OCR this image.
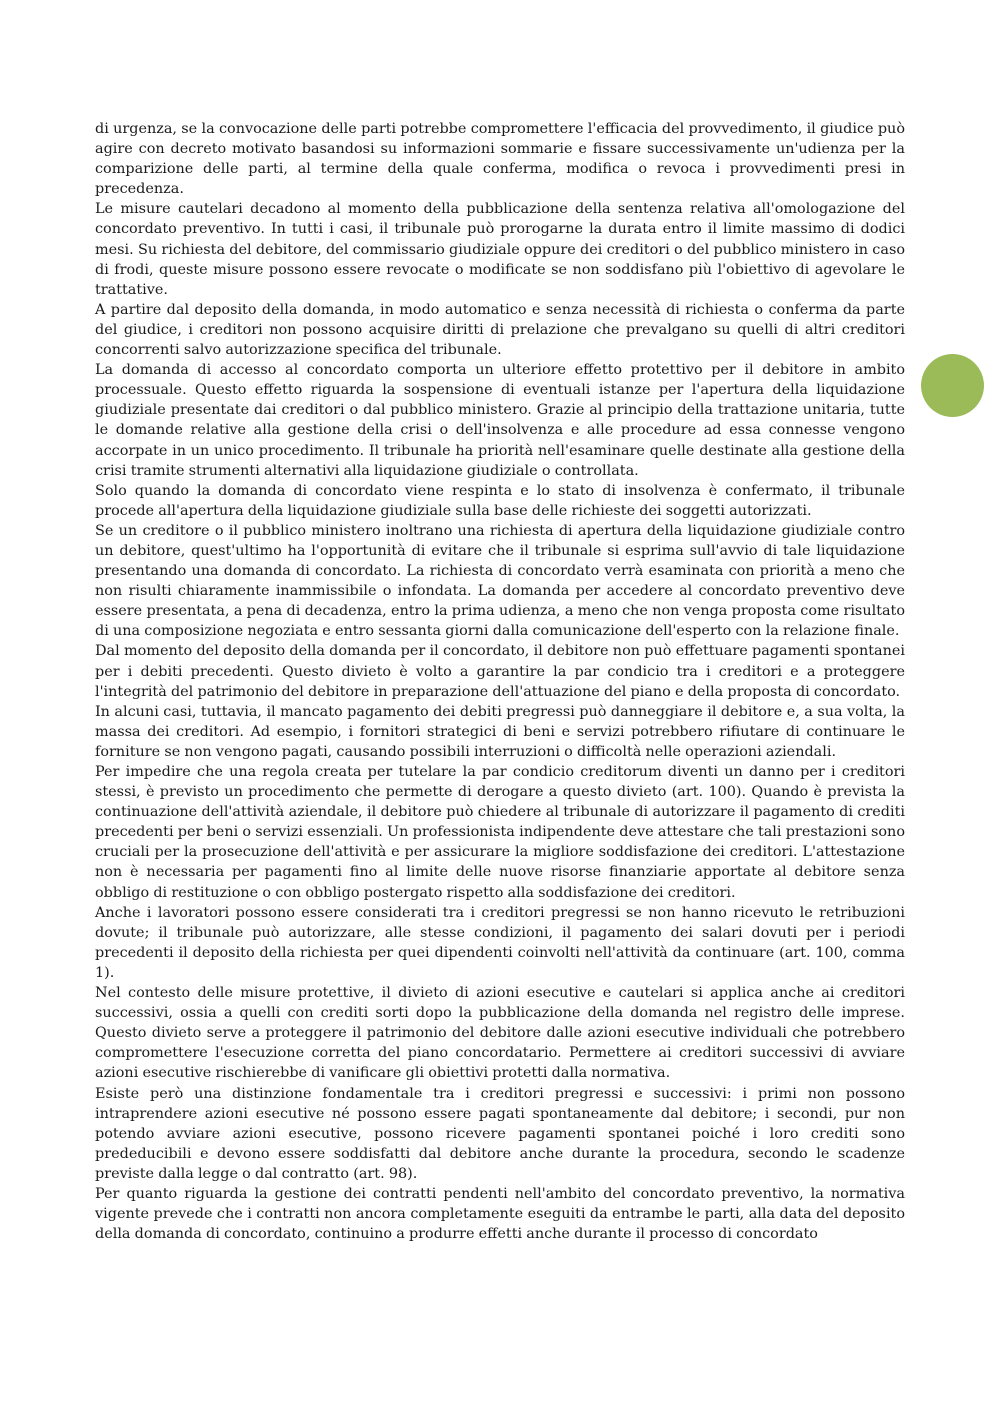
di urgenza, se la convocazione delle parti potrebbe compromettere l'efficacia del provvedimento, il giudice può agire con decreto motivato basandosi su informazioni sommarie e fissare successivamente un'udienza per la comparizione delle parti, al termine della quale conferma, modifica o revoca i provvedimenti presi in precedenza.

Le misure cautelari decadono al momento della pubblicazione della sentenza relativa all'omologazione del concordato preventivo. In tutti i casi, il tribunale può prorogarne la durata entro il limite massimo di dodici mesi. Su richiesta del debitore, del commissario giudiziale oppure dei creditori o del pubblico ministero in caso di frodi, queste misure possono essere revocate o modificate se non soddisfano più l'obiettivo di agevolare le trattative.

A partire dal deposito della domanda, in modo automatico e senza necessità di richiesta o conferma da parte del giudice, i creditori non possono acquisire diritti di prelazione che prevalgano su quelli di altri creditori concorrenti salvo autorizzazione specifica del tribunale.

La domanda di accesso al concordato comporta un ulteriore effetto protettivo per il debitore in ambito processuale. Questo effetto riguarda la sospensione di eventuali istanze per l'apertura della liquidazione giudiziale presentate dai creditori o dal pubblico ministero. Grazie al principio della trattazione unitaria, tutte le domande relative alla gestione della crisi o dell'insolvenza e alle procedure ad essa connesse vengono accorpate in un unico procedimento. Il tribunale ha priorità nell'esaminare quelle destinate alla gestione della crisi tramite strumenti alternativi alla liquidazione giudiziale o controllata.

Solo quando la domanda di concordato viene respinta e lo stato di insolvenza è confermato, il tribunale procede all'apertura della liquidazione giudiziale sulla base delle richieste dei soggetti autorizzati.

Se un creditore o il pubblico ministero inoltrano una richiesta di apertura della liquidazione giudiziale contro un debitore, quest'ultimo ha l'opportunità di evitare che il tribunale si esprima sull'avvio di tale liquidazione presentando una domanda di concordato. La richiesta di concordato verrà esaminata con priorità a meno che non risulti chiaramente inammissibile o infondata. La domanda per accedere al concordato preventivo deve essere presentata, a pena di decadenza, entro la prima udienza, a meno che non venga proposta come risultato di una composizione negoziata e entro sessanta giorni dalla comunicazione dell'esperto con la relazione finale.

Dal momento del deposito della domanda per il concordato, il debitore non può effettuare pagamenti spontanei per i debiti precedenti. Questo divieto è volto a garantire la par condicio tra i creditori e a proteggere l'integrità del patrimonio del debitore in preparazione dell'attuazione del piano e della proposta di concordato.

In alcuni casi, tuttavia, il mancato pagamento dei debiti pregressi può danneggiare il debitore e, a sua volta, la massa dei creditori. Ad esempio, i fornitori strategici di beni e servizi potrebbero rifiutare di continuare le forniture se non vengono pagati, causando possibili interruzioni o difficoltà nelle operazioni aziendali.

Per impedire che una regola creata per tutelare la par condicio creditorum diventi un danno per i creditori stessi, è previsto un procedimento che permette di derogare a questo divieto (art. 100). Quando è prevista la continuazione dell'attività aziendale, il debitore può chiedere al tribunale di autorizzare il pagamento di crediti precedenti per beni o servizi essenziali. Un professionista indipendente deve attestare che tali prestazioni sono cruciali per la prosecuzione dell'attività e per assicurare la migliore soddisfazione dei creditori. L'attestazione non è necessaria per pagamenti fino al limite delle nuove risorse finanziarie apportate al debitore senza obbligo di restituzione o con obbligo postergato rispetto alla soddisfazione dei creditori.

Anche i lavoratori possono essere considerati tra i creditori pregressi se non hanno ricevuto le retribuzioni dovute; il tribunale può autorizzare, alle stesse condizioni, il pagamento dei salari dovuti per i periodi precedenti il deposito della richiesta per quei dipendenti coinvolti nell'attività da continuare (art. 100, comma 1).

Nel contesto delle misure protettive, il divieto di azioni esecutive e cautelari si applica anche ai creditori successivi, ossia a quelli con crediti sorti dopo la pubblicazione della domanda nel registro delle imprese. Questo divieto serve a proteggere il patrimonio del debitore dalle azioni esecutive individuali che potrebbero compromettere l'esecuzione corretta del piano concordatario. Permettere ai creditori successivi di avviare azioni esecutive rischierebbe di vanificare gli obiettivi protetti dalla normativa.

Esiste però una distinzione fondamentale tra i creditori pregressi e successivi: i primi non possono intraprendere azioni esecutive né possono essere pagati spontaneamente dal debitore; i secondi, pur non potendo avviare azioni esecutive, possono ricevere pagamenti spontanei poiché i loro crediti sono prededucibili e devono essere soddisfatti dal debitore anche durante la procedura, secondo le scadenze previste dalla legge o dal contratto (art. 98).

Per quanto riguarda la gestione dei contratti pendenti nell'ambito del concordato preventivo, la normativa vigente prevede che i contratti non ancora completamente eseguiti da entrambe le parti, alla data del deposito della domanda di concordato, continuino a produrre effetti anche durante il processo di concordato
